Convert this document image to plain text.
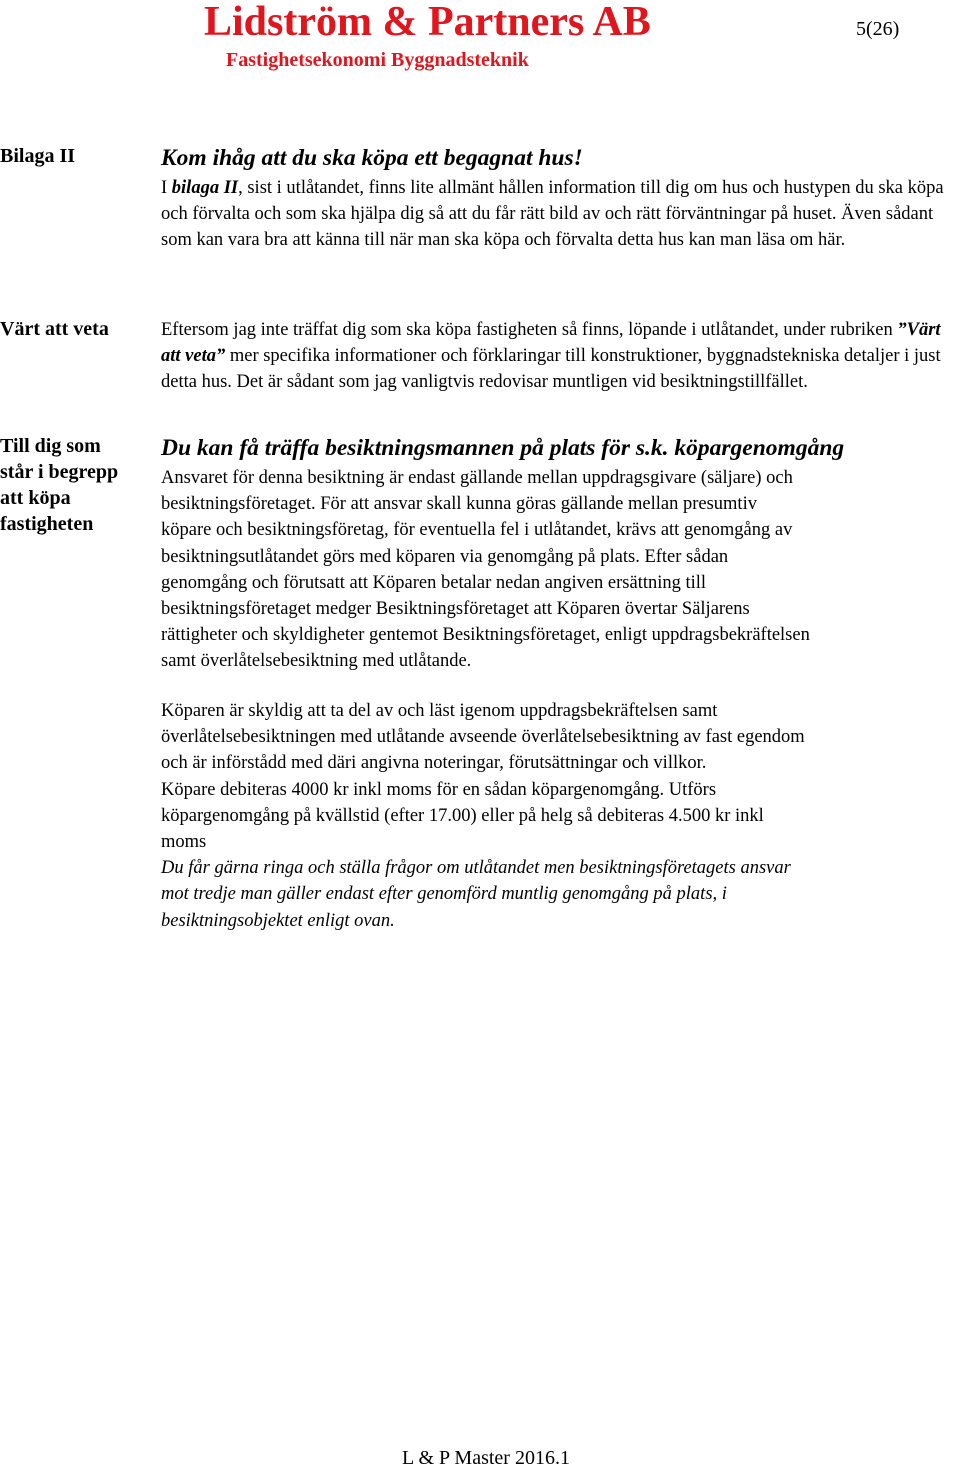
Lidström & Partners AB
Fastighetsekonomi Byggnadsteknik
5(26)
Bilaga II
Värt att veta
Till dig som
står i begrepp
att köpa
fastigheten
Kom ihåg att du ska köpa ett begagnat hus!

I bilaga II, sist i utlåtandet, finns lite allmänt hållen information till dig om hus och hustypen du ska köpa och förvalta och som ska hjälpa dig så att du får rätt bild av och rätt förväntningar på huset. Även sådant som kan vara bra att känna till när man ska köpa och förvalta detta hus kan man läsa om här.

Eftersom jag inte träffat dig som ska köpa fastigheten så finns, löpande i utlåtandet, under rubriken ”Värt att veta” mer specifika informationer och förklaringar till konstruktioner, byggnadstekniska detaljer i just detta hus. Det är sådant som jag vanligtvis redovisar muntligen vid besiktningstillfället.

Du kan få träffa besiktningsmannen på plats för s.k. köpargenomgång

Ansvaret för denna besiktning är endast gällande mellan uppdragsgivare (säljare) och
besiktningsföretaget. För att ansvar skall kunna göras gällande mellan presumtiv
köpare och besiktningsföretag, för eventuella fel i utlåtandet, krävs att genomgång av
besiktningsutlåtandet görs med köparen via genomgång på plats. Efter sådan
genomgång och förutsatt att Köparen betalar nedan angiven ersättning till
besiktningsföretaget medger Besiktningsföretaget att Köparen övertar Säljarens
rättigheter och skyldigheter gentemot Besiktningsföretaget, enligt uppdragsbekräftelsen
samt överlåtelsebesiktning med utlåtande.

Köparen är skyldig att ta del av och läst igenom uppdragsbekräftelsen samt
överlåtelsebesiktningen med utlåtande avseende överlåtelsebesiktning av fast egendom
och är införstådd med däri angivna noteringar, förutsättningar och villkor.
Köpare debiteras 4000 kr inkl moms för en sådan köpargenomgång. Utförs
köpargenomgång på kvällstid (efter 17.00) eller på helg så debiteras 4.500 kr inkl
moms
Du får gärna ringa och ställa frågor om utlåtandet men besiktningsföretagets ansvar
mot tredje man gäller endast efter genomförd muntlig genomgång på plats, i
besiktningsobjektet enligt ovan.

L & P Master 2016.1
